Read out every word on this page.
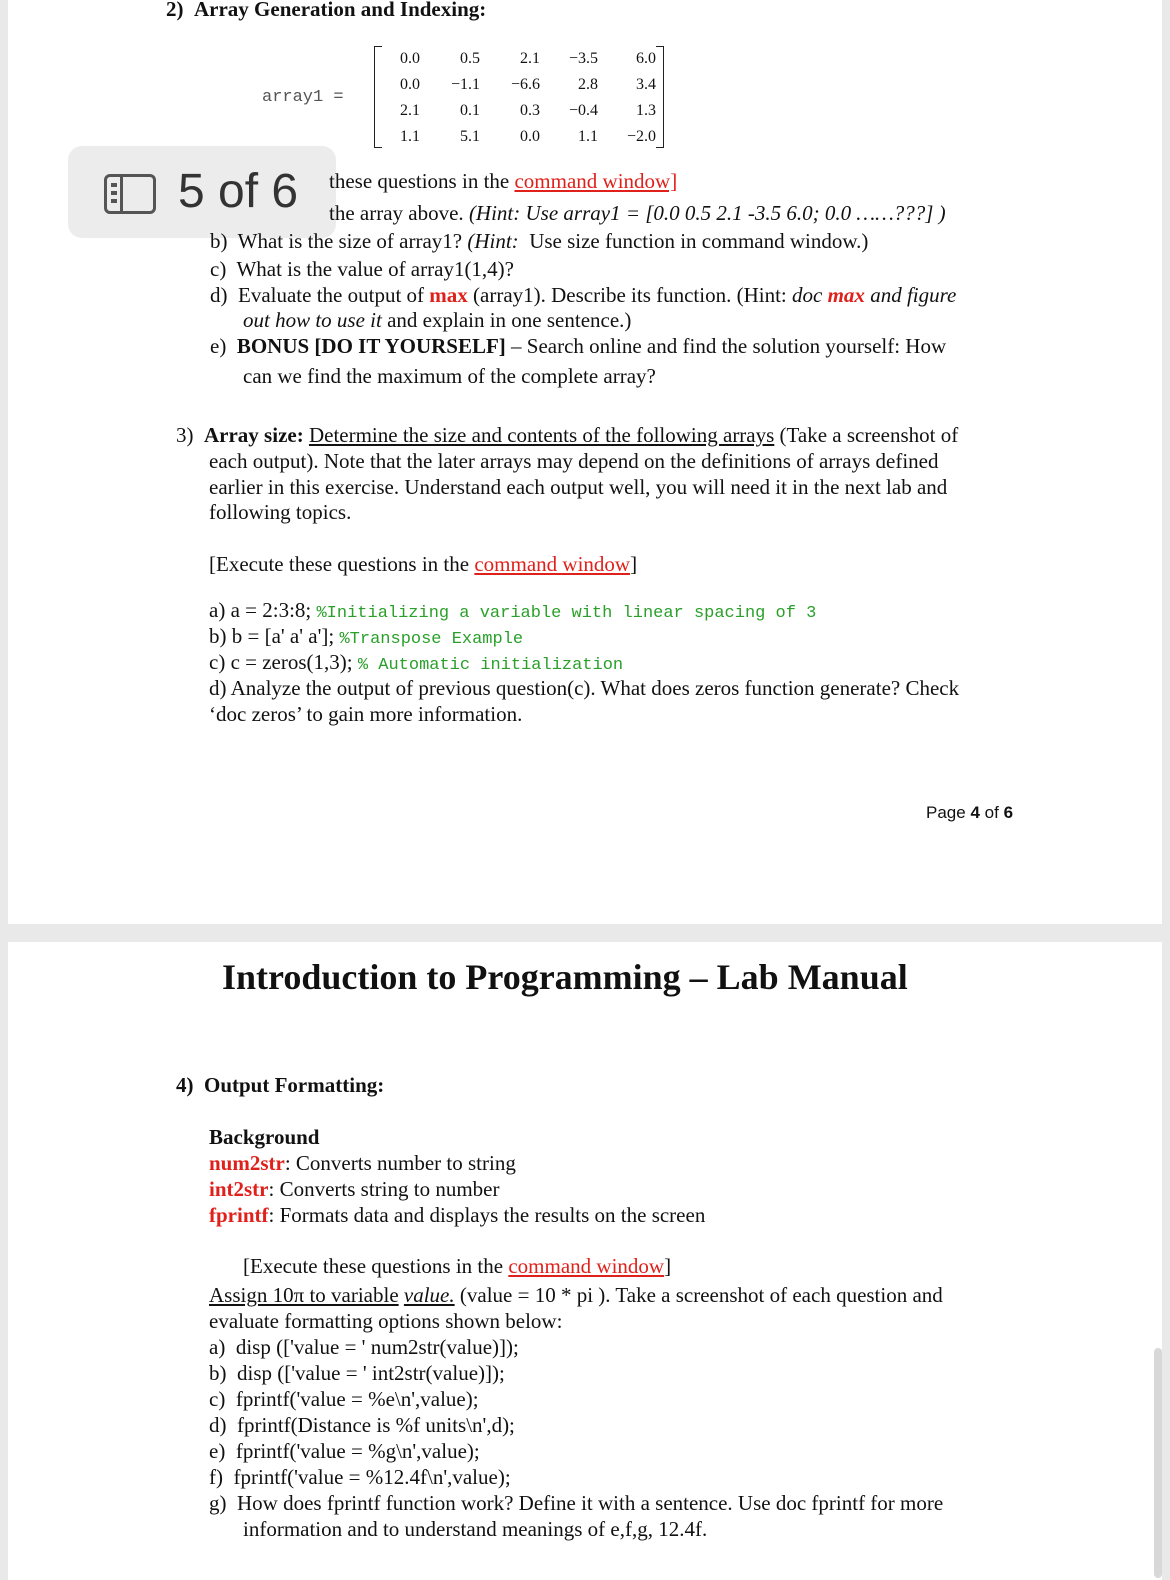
2)  Array Generation and Indexing:
array1 =
0.0	0.5	2.1	−3.5	6.0
0.0	−1.1	−6.6	2.8	3.4
2.1	0.1	0.3	−0.4	1.3
1.1	5.1	0.0	1.1	−2.0
5 of 6 these questions in the command window]
the array above. (Hint: Use array1 = [0.0 0.5 2.1 -3.5 6.0; 0.0 ……???] )
b) What is the size of array1? (Hint: Use size function in command window.)
c) What is the value of array1(1,4)?
d) Evaluate the output of max (array1). Describe its function. (Hint: doc max and figure
out how to use it and explain in one sentence.)
e) BONUS [DO IT YOURSELF] – Search online and find the solution yourself: How
can we find the maximum of the complete array?
3) Array size: Determine the size and contents of the following arrays (Take a screenshot of
each output). Note that the later arrays may depend on the definitions of arrays defined
earlier in this exercise. Understand each output well, you will need it in the next lab and
following topics.
[Execute these questions in the command window]
a) a = 2:3:8; %Initializing a variable with linear spacing of 3
b) b = [a' a' a']; %Transpose Example
c) c = zeros(1,3); % Automatic initialization
d) Analyze the output of previous question(c). What does zeros function generate? Check
‘doc zeros’ to gain more information.
Page 4 of 6
Introduction to Programming – Lab Manual
4)  Output Formatting:
Background
num2str: Converts number to string
int2str: Converts string to number
fprintf: Formats data and displays the results on the screen
[Execute these questions in the command window]
Assign 10π to variable value. (value = 10 * pi ). Take a screenshot of each question and
evaluate formatting options shown below:
information and to understand meanings of e,f,g, 12.4f.
a) disp (['value = ' num2str(value)]);
b) disp (['value = ' int2str(value)]);
c) fprintf('value = %e\n',value);
d) fprintf(Distance is %f units\n',d);
e) fprintf('value = %g\n',value);
f) fprintf('value = %12.4f\n',value);
g) How does fprintf function work? Define it with a sentence. Use doc fprintf for more
